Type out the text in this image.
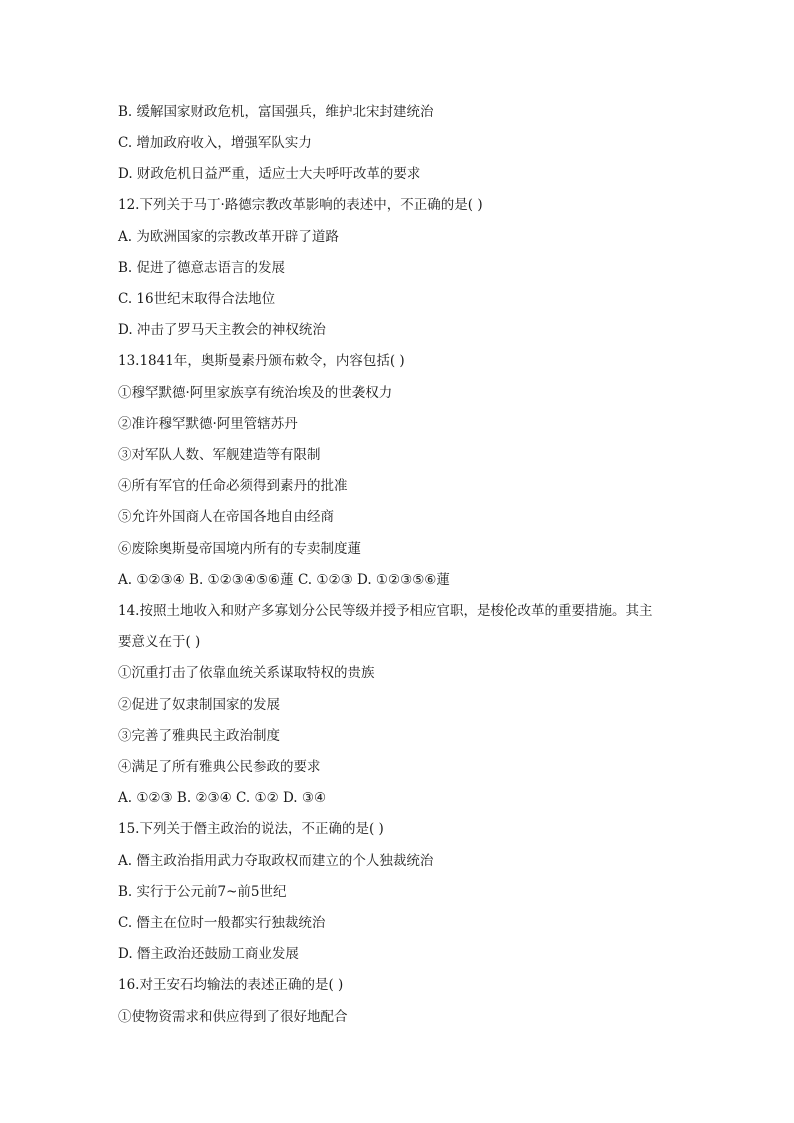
B. 缓解国家财政危机，富国强兵，维护北宋封建统治
C. 增加政府收入，增强军队实力
D. 财政危机日益严重，适应士大夫呼吁改革的要求
12.下列关于马丁·路德宗教改革影响的表述中，不正确的是( )
A. 为欧洲国家的宗教改革开辟了道路
B. 促进了德意志语言的发展
C. 16世纪末取得合法地位
D. 冲击了罗马天主教会的神权统治
13.1841年，奥斯曼素丹颁布敕令，内容包括( )
①穆罕默德·阿里家族享有统治埃及的世袭权力
②准许穆罕默德·阿里管辖苏丹
③对军队人数、军舰建造等有限制
④所有军官的任命必须得到素丹的批准
⑤允许外国商人在帝国各地自由经商
⑥废除奥斯曼帝国境内所有的专卖制度蓮
A. ①②③④ B. ①②③④⑤⑥蓮 C. ①②③ D. ①②③⑤⑥蓮
14.按照土地收入和财产多寡划分公民等级并授予相应官职，是梭伦改革的重要措施。其主
要意义在于( )
①沉重打击了依靠血统关系谋取特权的贵族
②促进了奴隶制国家的发展
③完善了雅典民主政治制度
④满足了所有雅典公民参政的要求
A. ①②③ B. ②③④ C. ①② D. ③④
15.下列关于僭主政治的说法，不正确的是( )
A. 僭主政治指用武力夺取政权而建立的个人独裁统治
B. 实行于公元前7~前5世纪
C. 僭主在位时一般都实行独裁统治
D. 僭主政治还鼓励工商业发展
16.对王安石均输法的表述正确的是( )
①使物资需求和供应得到了很好地配合
